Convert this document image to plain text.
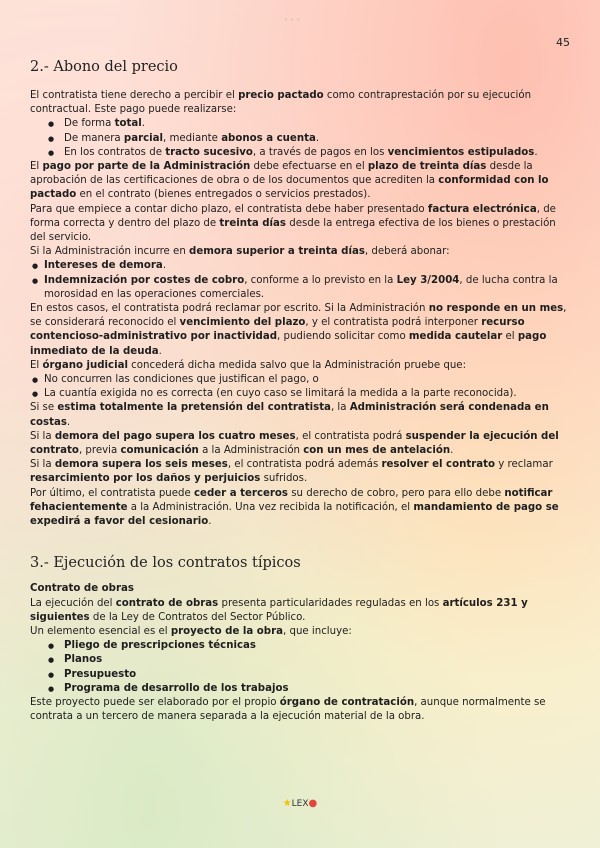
•••
45
2.- Abono del precio

El contratista tiene derecho a percibir el precio pactado como contraprestación por su ejecución contractual. Este pago puede realizarse:

● De forma total.
● De manera parcial, mediante abonos a cuenta.
● En los contratos de tracto sucesivo, a través de pagos en los vencimientos estipulados.

El pago por parte de la Administración debe efectuarse en el plazo de treinta días desde la aprobación de las certificaciones de obra o de los documentos que acrediten la conformidad con lo pactado en el contrato (bienes entregados o servicios prestados).

Para que empiece a contar dicho plazo, el contratista debe haber presentado factura electrónica, de forma correcta y dentro del plazo de treinta días desde la entrega efectiva de los bienes o prestación del servicio.

Si la Administración incurre en demora superior a treinta días, deberá abonar:

● Intereses de demora.
● Indemnización por costes de cobro, conforme a lo previsto en la Ley 3/2004, de lucha contra la morosidad en las operaciones comerciales.

En estos casos, el contratista podrá reclamar por escrito. Si la Administración no responde en un mes, se considerará reconocido el vencimiento del plazo, y el contratista podrá interponer recurso contencioso-administrativo por inactividad, pudiendo solicitar como medida cautelar el pago inmediato de la deuda.

El órgano judicial concederá dicha medida salvo que la Administración pruebe que:

● No concurren las condiciones que justifican el pago, o
● La cuantía exigida no es correcta (en cuyo caso se limitará la medida a la parte reconocida).

Si se estima totalmente la pretensión del contratista, la Administración será condenada en costas.

Si la demora del pago supera los cuatro meses, el contratista podrá suspender la ejecución del contrato, previa comunicación a la Administración con un mes de antelación.

Si la demora supera los seis meses, el contratista podrá además resolver el contrato y reclamar resarcimiento por los daños y perjuicios sufridos.

Por último, el contratista puede ceder a terceros su derecho de cobro, pero para ello debe notificar fehacientemente a la Administración. Una vez recibida la notificación, el mandamiento de pago se expedirá a favor del cesionario.

3.- Ejecución de los contratos típicos

Contrato de obras

La ejecución del contrato de obras presenta particularidades reguladas en los artículos 231 y siguientes de la Ley de Contratos del Sector Público.

Un elemento esencial es el proyecto de la obra, que incluye:

● Pliego de prescripciones técnicas
● Planos
● Presupuesto
● Programa de desarrollo de los trabajos

Este proyecto puede ser elaborado por el propio órgano de contratación, aunque normalmente se contrata a un tercero de manera separada a la ejecución material de la obra.

★LEX●
